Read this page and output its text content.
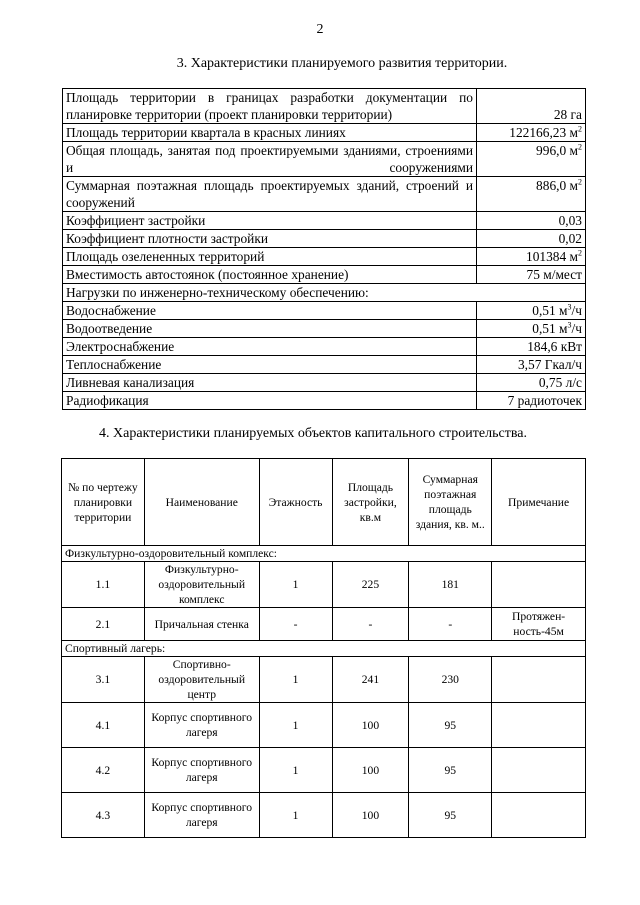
2
3. Характеристики планируемого развития территории.
Площадь территории в границах разработки документации по планировке территории (проект планировки территории)	28 га
Площадь территории квартала в красных линиях	122166,23 $м^2$
Общая площадь, занятая под проектируемыми зданиями, строениями и сооружениями	996,0 $м^2$
Суммарная поэтажная площадь проектируемых зданий, строений и сооружений	886,0 $м^2$
Коэффициент застройки	0,03
Коэффициент плотности застройки	0,02
Площадь озелененных территорий	101384 $м^2$
Вместимость автостоянок (постоянное хранение)	75 м/мест
Нагрузки по инженерно-техническому обеспечению:	
Водоснабжение	0,51 $м^3/ч$
Водоотведение	0,51 $м^3/ч$
Электроснабжение	184,6 кВт
Теплоснабжение	3,57 Гкал/ч
Ливневая канализация	0,75 л/с
Радиофикация	7 радиоточек
4. Характеристики планируемых объектов капитального строительства.
№ по чертежу планировки территории	Наименование	Этажность	Площадь застройки, кв.м	Суммарная поэтажная площадь здания, кв. м..	Примечание
Физкультурно-оздоровительный комплекс:					
1.1	Физкультурно-оздоровительный комплекс	1	225	181	
2.1	Причальная стенка	-	-	-	Протяжен-ность-45м
Спортивный лагерь:					
3.1	Спортивно-оздоровительный центр	1	241	230	
4.1	Корпус спортивного лагеря	1	100	95	
4.2	Корпус спортивного лагеря	1	100	95	
4.3	Корпус спортивного лагеря	1	100	95	
